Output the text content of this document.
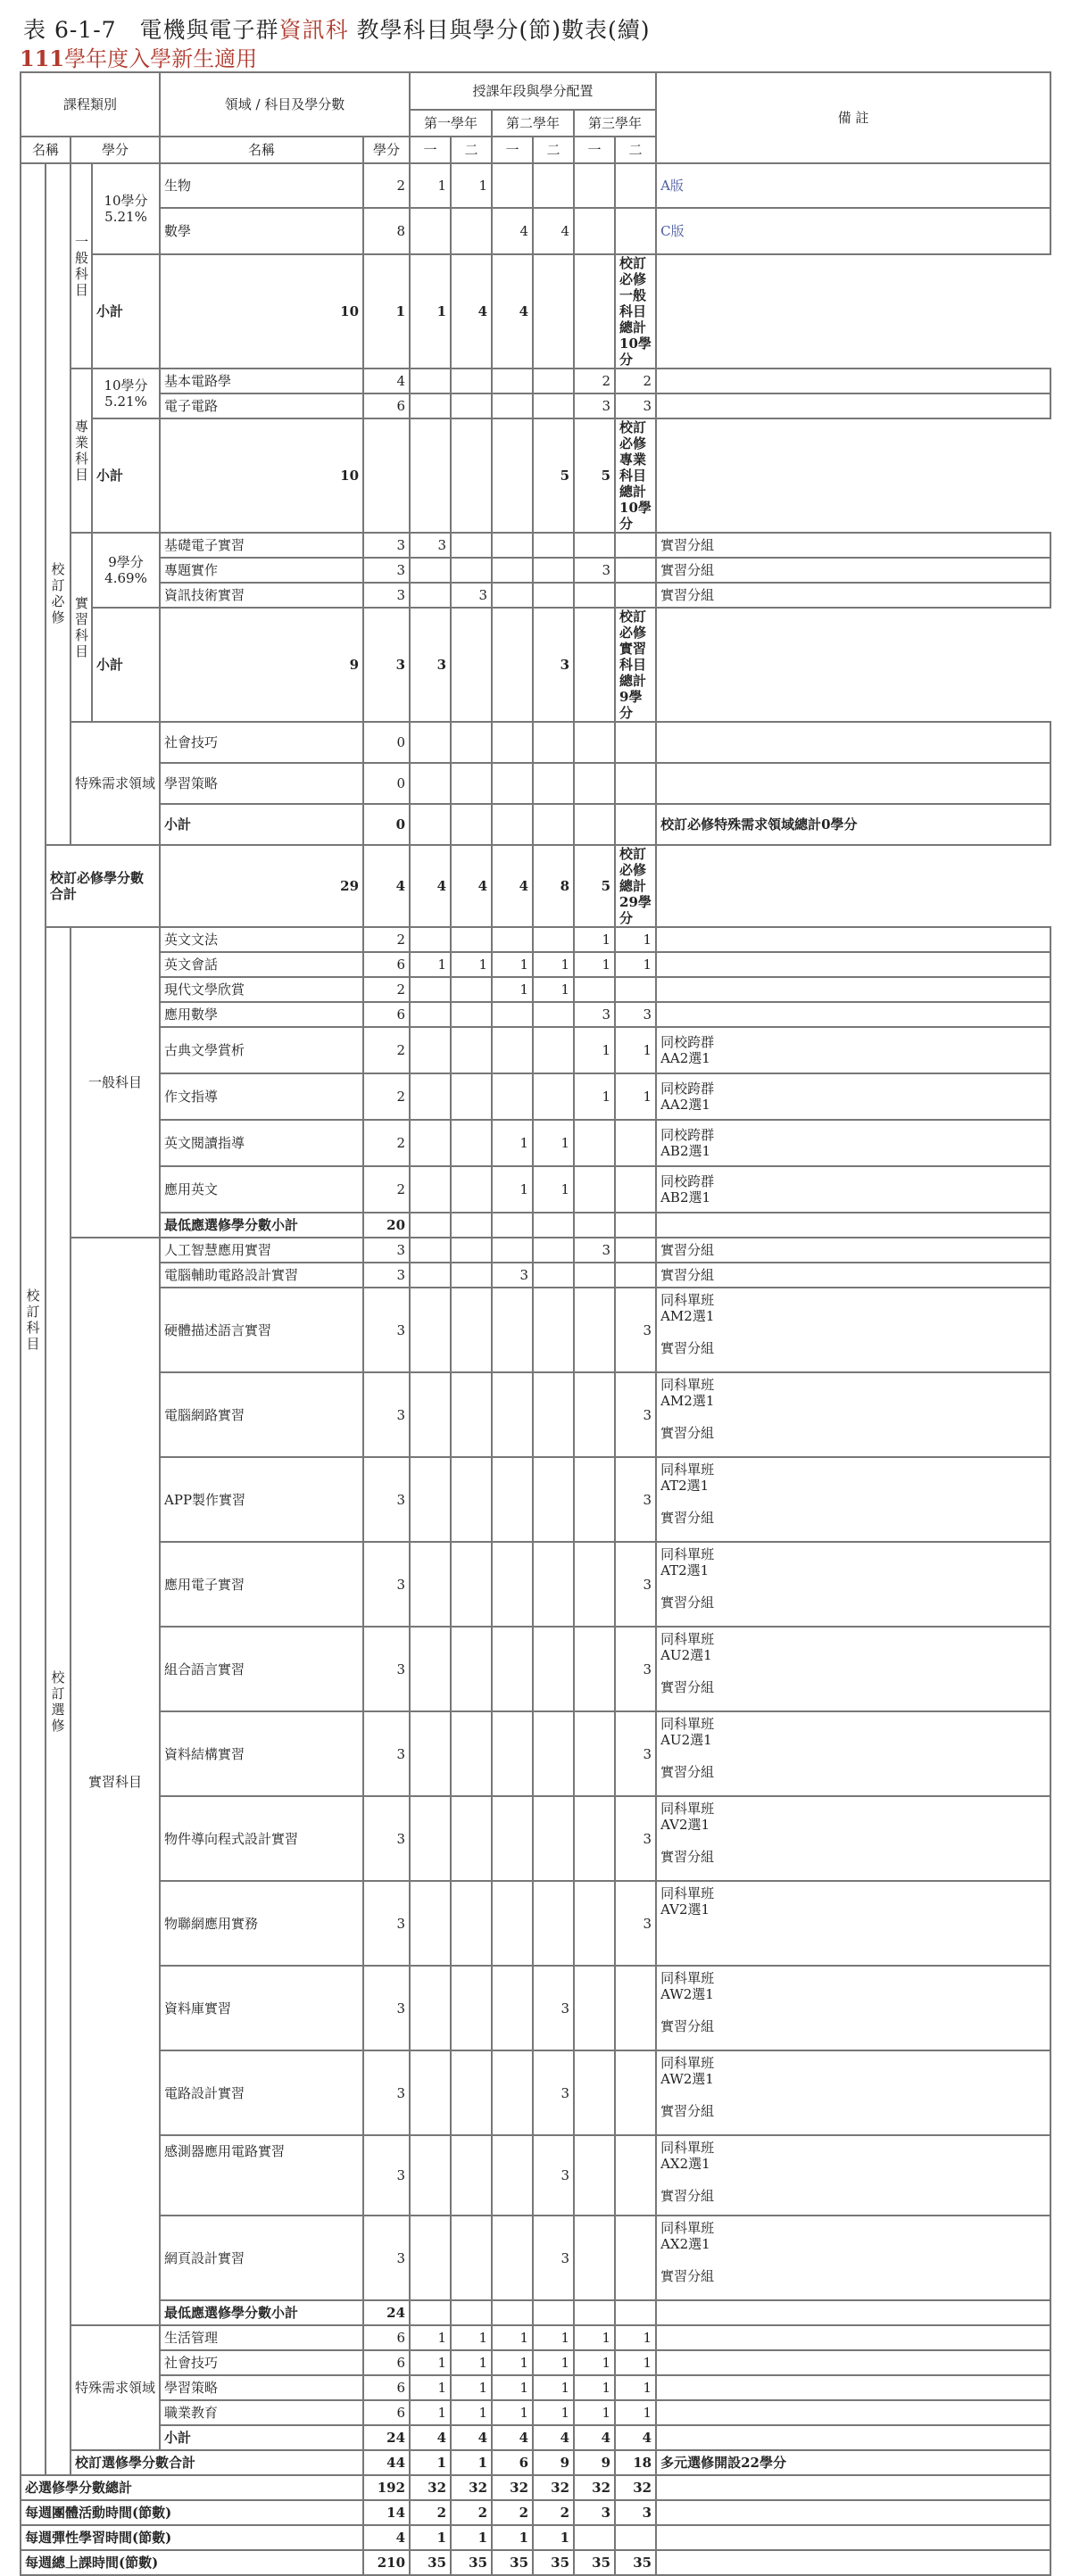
表 6-1-7　電機與電子群資訊科 教學科目與學分(節)數表(續)
111學年度入學新生適用
課程類別				領域 / 科目及學分數		授課年段與學分配置						備 註
						第一學年		第二學年		第三學年		
名稱		學分		名稱	學分	一	二	一	二	一	二	
校訂科目	校訂必修	一般科目	10學分
5.21%	生物	2	1	1					A版
				數學	8			4	4			C版
			小計	10	1	1	4	4			校訂必修一般科目總計10學分	
		專業科目	10學分
5.21%	基本電路學	4					2	2	
				電子電路	6					3	3	
			小計	10					5	5	校訂必修專業科目總計10學分	
		實習科目	9學分
4.69%	基礎電子實習	3	3						實習分組
				專題實作	3					3		實習分組
				資訊技術實習	3		3					實習分組
			小計	9	3	3			3		校訂必修實習科目總計9學分	
		特殊需求領域		社會技巧	0							
				學習策略	0							
				小計	0							校訂必修特殊需求領域總計0學分
	校訂必修學分數合計			29	4	4	4	4	8	5	校訂必修總計29學分	
	校訂選修	一般科目		英文文法	2					1	1	
				英文會話	6	1	1	1	1	1	1	
				現代文學欣賞	2			1	1			
				應用數學	6					3	3	
				古典文學賞析	2					1	1	同校跨群
AA2選1
				作文指導	2					1	1	同校跨群
AA2選1
				英文閱讀指導	2			1	1			同校跨群
AB2選1
				應用英文	2			1	1			同校跨群
AB2選1
				最低應選修學分數小計	20							
		實習科目		人工智慧應用實習	3					3		實習分組
				電腦輔助電路設計實習	3			3				實習分組
				硬體描述語言實習	3						3	同科單班
AM2選1

實習分組
				電腦網路實習	3						3	同科單班
AM2選1

實習分組
				APP製作實習	3						3	同科單班
AT2選1

實習分組
				應用電子實習	3						3	同科單班
AT2選1

實習分組
				組合語言實習	3						3	同科單班
AU2選1

實習分組
				資料結構實習	3						3	同科單班
AU2選1

實習分組
				物件導向程式設計實習	3						3	同科單班
AV2選1

實習分組
				物聯網應用實務	3						3	同科單班
AV2選1
				資料庫實習	3				3			同科單班
AW2選1

實習分組
				電路設計實習	3				3			同科單班
AW2選1

實習分組
				感測器應用電路實習	3				3			同科單班
AX2選1

實習分組
				網頁設計實習	3				3			同科單班
AX2選1

實習分組
				最低應選修學分數小計	24							
		特殊需求領域		生活管理	6	1	1	1	1	1	1	
				社會技巧	6	1	1	1	1	1	1	
				學習策略	6	1	1	1	1	1	1	
				職業教育	6	1	1	1	1	1	1	
				小計	24	4	4	4	4	4	4	
		校訂選修學分數合計			44	1	1	6	9	9	18	多元選修開設22學分
必選修學分數總計					192	32	32	32	32	32	32	
每週團體活動時間(節數)					14	2	2	2	2	3	3	
每週彈性學習時間(節數)					4	1	1	1	1			
每週總上課時間(節數)					210	35	35	35	35	35	35	
